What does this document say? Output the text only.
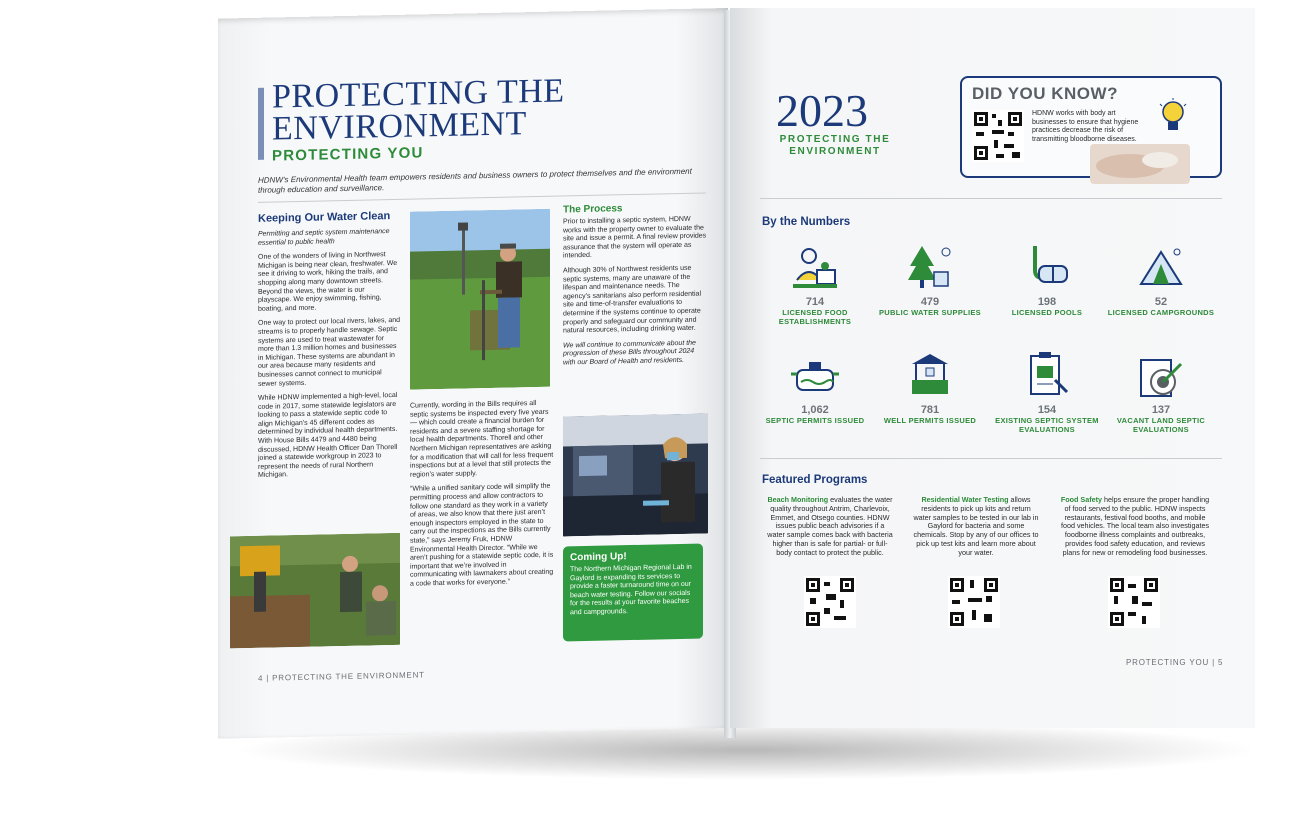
PROTECTING THE
ENVIRONMENT
PROTECTING YOU
HDNW’s Environmental Health team empowers residents and business owners to protect themselves and the environment through education and surveillance.
Keeping Our Water Clean

Permitting and septic system maintenance essential to public health

One of the wonders of living in Northwest Michigan is being near clean, freshwater. We see it driving to work, hiking the trails, and shopping along many downtown streets. Beyond the views, the water is our playscape. We enjoy swimming, fishing, boating, and more.

One way to protect our local rivers, lakes, and streams is to properly handle sewage. Septic systems are used to treat wastewater for more than 1.3 million homes and businesses in Michigan. These systems are abundant in our area because many residents and businesses cannot connect to municipal sewer systems.

While HDNW implemented a high-level, local code in 2017, some statewide legislators are looking to pass a statewide septic code to align Michigan’s 45 different codes as determined by individual health departments. With House Bills 4479 and 4480 being discussed, HDNW Health Officer Dan Thorell joined a statewide workgroup in 2023 to represent the needs of rural Northern Michigan.

Currently, wording in the Bills requires all septic systems be inspected every five years — which could create a financial burden for residents and a severe staffing shortage for local health departments. Thorell and other Northern Michigan representatives are asking for a modification that will call for less frequent inspections but at a level that still protects the region’s water supply.

“While a unified sanitary code will simplify the permitting process and allow contractors to follow one standard as they work in a variety of areas, we also know that there just aren’t enough inspectors employed in the state to carry out the inspections as the Bills currently state,” says Jeremy Fruk, HDNW Environmental Health Director. “While we aren’t pushing for a statewide septic code, it is important that we’re involved in communicating with lawmakers about creating a code that works for everyone.”

The Process

Prior to installing a septic system, HDNW works with the property owner to evaluate the site and issue a permit. A final review provides assurance that the system will operate as intended.

Although 30% of Northwest residents use septic systems, many are unaware of the lifespan and maintenance needs. The agency’s sanitarians also perform residential site and time-of-transfer evaluations to determine if the systems continue to operate properly and safeguard our community and natural resources, including drinking water.

We will continue to communicate about the progression of these Bills throughout 2024 with our Board of Health and residents.

Coming Up!
The Northern Michigan Regional Lab in Gaylord is expanding its services to provide a faster turnaround time on our beach water testing. Follow our socials for the results at your favorite beaches and campgrounds.
4 | PROTECTING THE ENVIRONMENT
2023
PROTECTING THE ENVIRONMENT
DID YOU KNOW?
HDNW works with body art businesses to ensure that hygiene practices decrease the risk of transmitting bloodborne diseases.
By the Numbers
714
LICENSED FOOD ESTABLISHMENTS
479
PUBLIC WATER SUPPLIES
198
LICENSED POOLS
52
LICENSED CAMPGROUNDS
1,062
SEPTIC PERMITS ISSUED
781
WELL PERMITS ISSUED
154
EXISTING SEPTIC SYSTEM EVALUATIONS
137
VACANT LAND SEPTIC EVALUATIONS
Featured Programs
Beach Monitoring evaluates the water quality throughout Antrim, Charlevoix, Emmet, and Otsego counties. HDNW issues public beach advisories if a water sample comes back with bacteria higher than is safe for partial- or full-body contact to protect the public.
Residential Water Testing allows residents to pick up kits and return water samples to be tested in our lab in Gaylord for bacteria and some chemicals. Stop by any of our offices to pick up test kits and learn more about your water.
Food Safety helps ensure the proper handling of food served to the public. HDNW inspects restaurants, festival food booths, and mobile food vehicles. The local team also investigates foodborne illness complaints and outbreaks, provides food safety education, and reviews plans for new or remodeling food businesses.
PROTECTING YOU | 5
